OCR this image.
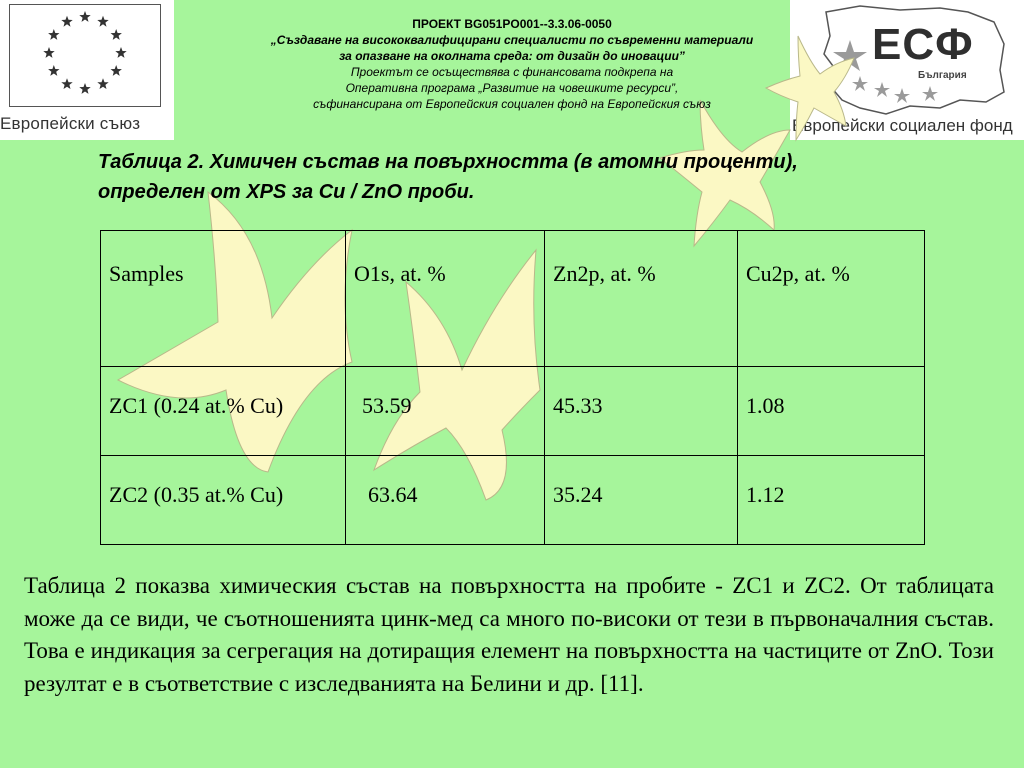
Европейски съюз
България
ЕСФ
Европейски социален фонд
ПРОЕКТ BG051PO001--3.3.06-0050
„Създаване на висококвалифицирани специалисти по съвременни материали
за опазване на околната среда: от дизайн до иновации”
Проектът се осъществява с финансовата подкрепа на
Оперативна програма „Развитие на човешките ресурси”,
съфинансирана от Европейския социален фонд на Европейския съюз
Таблица 2. Химичен състав на повърхността (в атомни проценти),
определен от XPS за Cu / ZnO проби.
Samples	O1s, at. %	Zn2p, at. %	Cu2p, at. %
ZC1 (0.24 at.% Cu)	53.59	45.33	1.08
ZC2 (0.35 at.% Cu)	63.64	35.24	1.12
Таблица 2 показва химическия състав на повърхността на пробите - ZC1 и ZC2. От таблицата може да се види, че съотношенията цинк-мед са много по-високи от тези в първоначалния състав. Това е индикация за сегрегация на дотиращия елемент на повърхността на частиците от ZnO. Този резултат е в съответствие с изследванията на Белини и др. [11].
